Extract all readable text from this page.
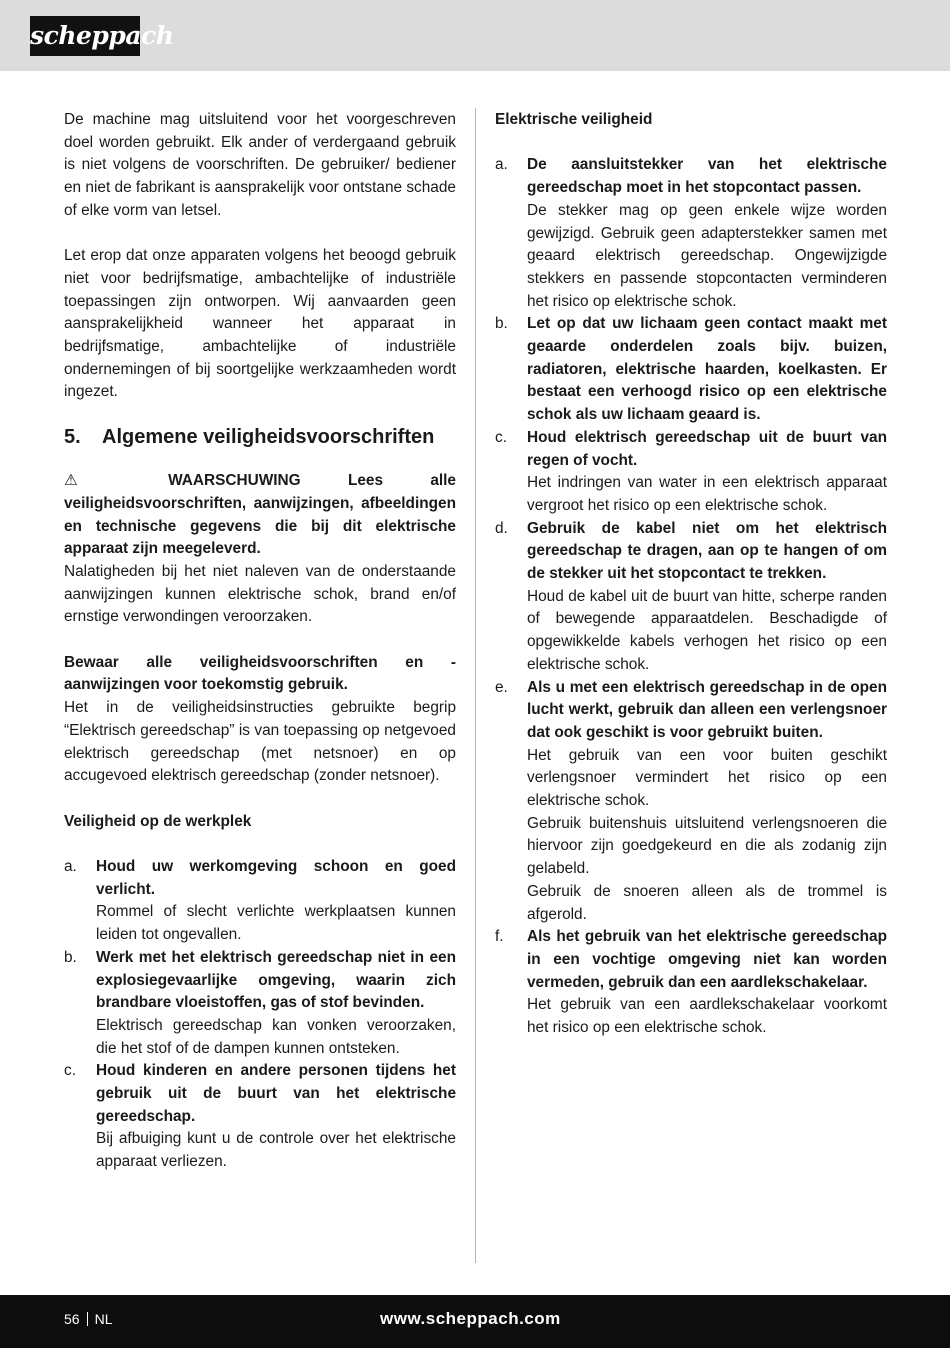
scheppach

De machine mag uitsluitend voor het voorgeschreven doel worden gebruikt. Elk ander of verdergaand gebruik is niet volgens de voorschriften. De gebruiker/ bediener en niet de fabrikant is aansprakelijk voor ontstane schade of elke vorm van letsel.

Let erop dat onze apparaten volgens het beoogd gebruik niet voor bedrijfsmatige, ambachtelijke of industriële toepassingen zijn ontworpen. Wij aanvaarden geen aansprakelijkheid wanneer het apparaat in bedrijfsmatige, ambachtelijke of industriële ondernemingen of bij soortgelijke werkzaamheden wordt ingezet.

5. Algemene veiligheidsvoorschriften

⚠	WAARSCHUWING Lees alle veiligheidsvoorschriften, aanwijzingen, afbeeldingen en technische gegevens die bij dit elektrische apparaat zijn meegeleverd.

Nalatigheden bij het niet naleven van de onderstaande aanwijzingen kunnen elektrische schok, brand en/of ernstige verwondingen veroorzaken.

Bewaar alle veiligheidsvoorschriften en -aanwijzingen voor toekomstig gebruik.

Het in de veiligheidsinstructies gebruikte begrip “Elektrisch gereedschap” is van toepassing op netgevoed elektrisch gereedschap (met netsnoer) en op accugevoed elektrisch gereedschap (zonder netsnoer).

Veiligheid op de werkplek

a. Houd uw werkomgeving schoon en goed verlicht.

Rommel of slecht verlichte werkplaatsen kunnen leiden tot ongevallen.

b. Werk met het elektrisch gereedschap niet in een explosiegevaarlijke omgeving, waarin zich brandbare vloeistoffen, gas of stof bevinden.

Elektrisch gereedschap kan vonken veroorzaken, die het stof of de dampen kunnen ontsteken.

c. Houd kinderen en andere personen tijdens het gebruik uit de buurt van het elektrische gereedschap.

Bij afbuiging kunt u de controle over het elektrische apparaat verliezen.

Elektrische veiligheid

a. De aansluitstekker van het elektrische gereedschap moet in het stopcontact passen.

De stekker mag op geen enkele wijze worden gewijzigd. Gebruik geen adapterstekker samen met geaard elektrisch gereedschap. Ongewijzigde stekkers en passende stopcontacten verminderen het risico op elektrische schok.

b. Let op dat uw lichaam geen contact maakt met geaarde onderdelen zoals bijv. buizen, radiatoren, elektrische haarden, koelkasten. Er bestaat een verhoogd risico op een elektrische schok als uw lichaam geaard is.

c. Houd elektrisch gereedschap uit de buurt van regen of vocht.

Het indringen van water in een elektrisch apparaat vergroot het risico op een elektrische schok.

d. Gebruik de kabel niet om het elektrisch gereedschap te dragen, aan op te hangen of om de stekker uit het stopcontact te trekken.

Houd de kabel uit de buurt van hitte, scherpe randen of bewegende apparaatdelen. Beschadigde of opgewikkelde kabels verhogen het risico op een elektrische schok.

e. Als u met een elektrisch gereedschap in de open lucht werkt, gebruik dan alleen een verlengsnoer dat ook geschikt is voor gebruikt buiten.

Het gebruik van een voor buiten geschikt verlengsnoer vermindert het risico op een elektrische schok.

Gebruik buitenshuis uitsluitend verlengsnoeren die hiervoor zijn goedgekeurd en die als zodanig zijn gelabeld.

Gebruik de snoeren alleen als de trommel is afgerold.

f. Als het gebruik van het elektrische gereedschap in een vochtige omgeving niet kan worden vermeden, gebruik dan een aardlekschakelaar.

Het gebruik van een aardlekschakelaar voorkomt het risico op een elektrische schok.

56 NL	www.scheppach.com
